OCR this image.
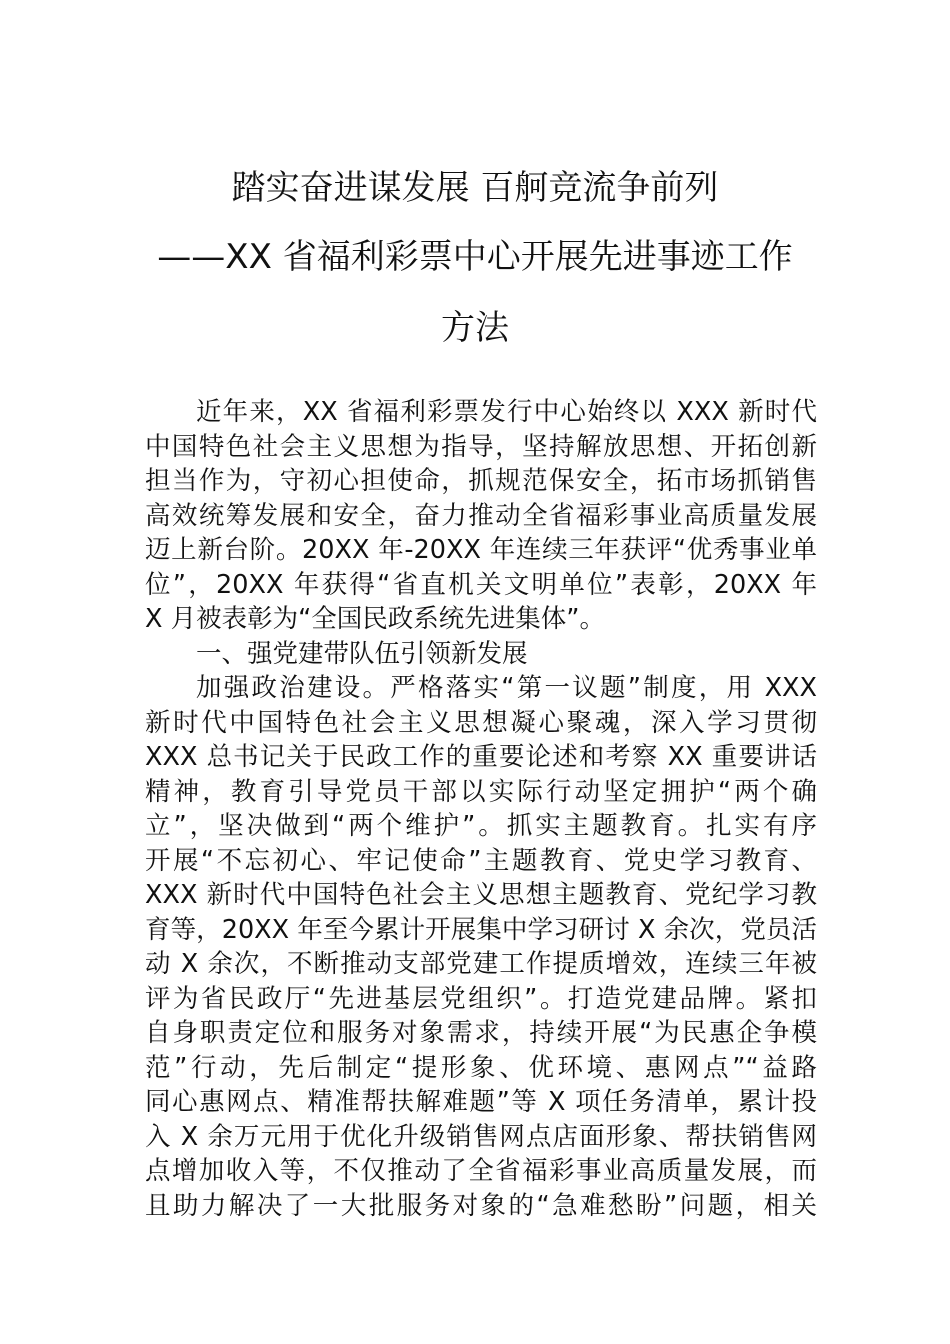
踏实奋进谋发展 百舸竞流争前列
——XX 省福利彩票中心开展先进事迹工作
方法
近年来，XX 省福利彩票发行中心始终以 XXX 新时代
中国特色社会主义思想为指导，坚持解放思想、开拓创新
担当作为，守初心担使命，抓规范保安全，拓市场抓销售
高效统筹发展和安全，奋力推动全省福彩事业高质量发展
迈上新台阶。20XX 年-20XX 年连续三年获评“优秀事业单
位”，20XX 年获得“省直机关文明单位”表彰，20XX 年
X 月被表彰为“全国民政系统先进集体”。
一、强党建带队伍引领新发展
加强政治建设。严格落实“第一议题”制度，用 XXX
新时代中国特色社会主义思想凝心聚魂，深入学习贯彻
XXX 总书记关于民政工作的重要论述和考察 XX 重要讲话
精神，教育引导党员干部以实际行动坚定拥护“两个确
立”，坚决做到“两个维护”。抓实主题教育。扎实有序
开展“不忘初心、牢记使命”主题教育、党史学习教育、
XXX 新时代中国特色社会主义思想主题教育、党纪学习教
育等，20XX 年至今累计开展集中学习研讨 X 余次，党员活
动 X 余次，不断推动支部党建工作提质增效，连续三年被
评为省民政厅“先进基层党组织”。打造党建品牌。紧扣
自身职责定位和服务对象需求，持续开展“为民惠企争模
范”行动，先后制定“提形象、优环境、惠网点”“益路
同心惠网点、精准帮扶解难题”等 X 项任务清单，累计投
入 X 余万元用于优化升级销售网点店面形象、帮扶销售网
点增加收入等，不仅推动了全省福彩事业高质量发展，而
且助力解决了一大批服务对象的“急难愁盼”问题，相关
